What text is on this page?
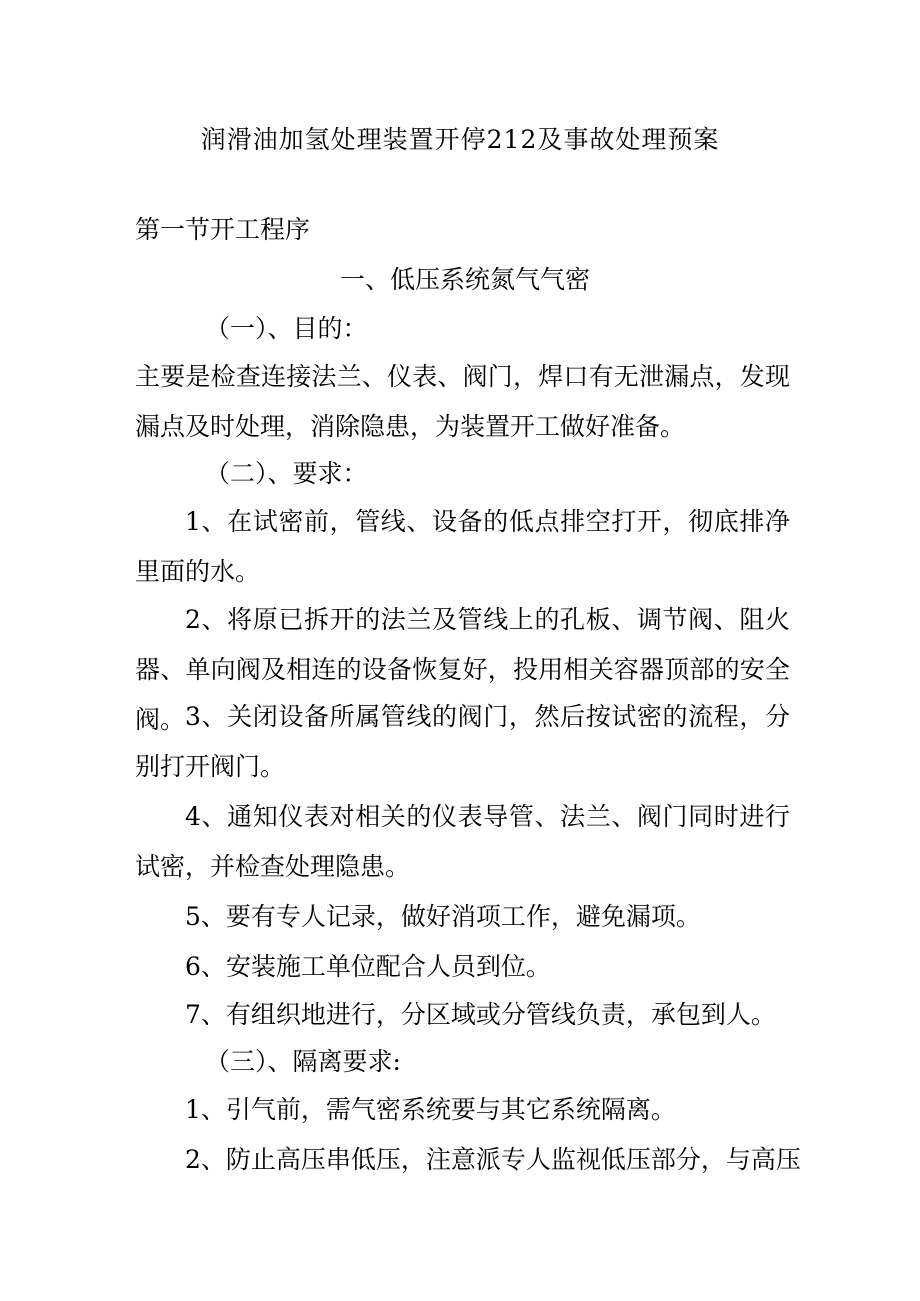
润滑油加氢处理装置开停212及事故处理预案
第一节开工程序
一、低压系统氮气气密
（一）、目的：
主要是检查连接法兰、仪表、阀门，焊口有无泄漏点，发现漏点及时处理，消除隐患，为装置开工做好准备。
（二）、要求：
1、在试密前，管线、设备的低点排空打开，彻底排净里面的水。
2、将原已拆开的法兰及管线上的孔板、调节阀、阻火器、单向阀及相连的设备恢复好，投用相关容器顶部的安全阀。 3、关闭设备所属管线的阀门，然后按试密的流程，分别打开阀门。
4、通知仪表对相关的仪表导管、法兰、阀门同时进行试密，并检查处理隐患。
5、要有专人记录，做好消项工作，避免漏项。
6、安装施工单位配合人员到位。
7、有组织地进行，分区域或分管线负责，承包到人。
（三）、隔离要求:
1、引气前，需气密系统要与其它系统隔离。
2、防止高压串低压，注意派专人监视低压部分，与高压
